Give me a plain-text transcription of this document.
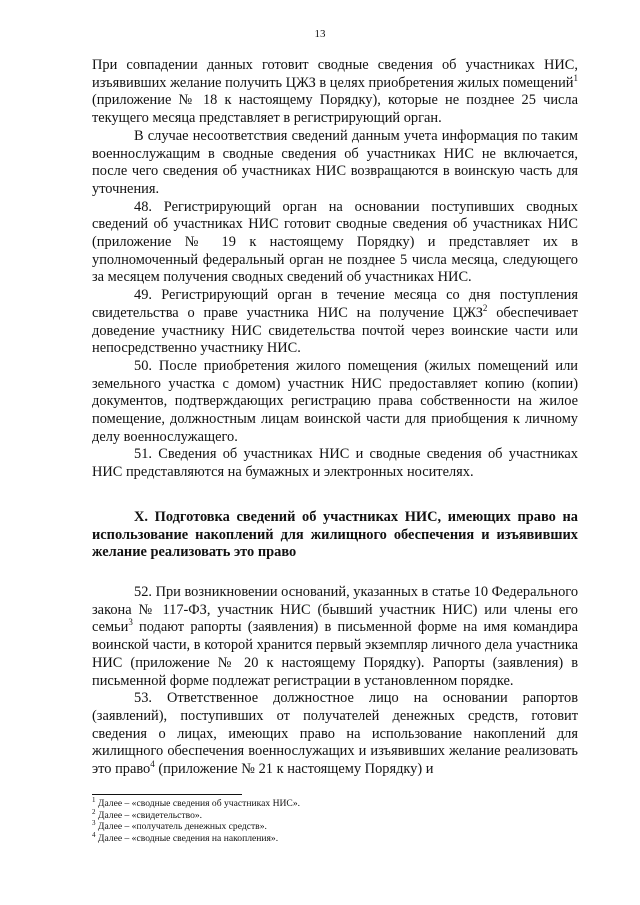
13

При совпадении данных готовит сводные сведения об участниках НИС, изъявивших желание получить ЦЖЗ в целях приобретения жилых помещений$^1$ (приложение № 18 к настоящему Порядку), которые не позднее 25 числа текущего месяца представляет в регистрирующий орган.

В случае несоответствия сведений данным учета информация по таким военнослужащим в сводные сведения об участниках НИС не включается, после чего сведения об участниках НИС возвращаются в воинскую часть для уточнения.

48. Регистрирующий орган на основании поступивших сводных сведений об участниках НИС готовит сводные сведения об участниках НИС (приложение № 19 к настоящему Порядку) и представляет их в уполномоченный федеральный орган не позднее 5 числа месяца, следующего за месяцем получения сводных сведений об участниках НИС.

49. Регистрирующий орган в течение месяца со дня поступления свидетельства о праве участника НИС на получение ЦЖЗ$^2$ обеспечивает доведение участнику НИС свидетельства почтой через воинские части или непосредственно участнику НИС.

50. После приобретения жилого помещения (жилых помещений или земельного участка с домом) участник НИС предоставляет копию (копии) документов, подтверждающих регистрацию права собственности на жилое помещение, должностным лицам воинской части для приобщения к личному делу военнослужащего.

51. Сведения об участниках НИС и сводные сведения об участниках НИС представляются на бумажных и электронных носителях.

X. Подготовка сведений об участниках НИС, имеющих право на использование накоплений для жилищного обеспечения и изъявивших желание реализовать это право

52. При возникновении оснований, указанных в статье 10 Федерального закона № 117-ФЗ, участник НИС (бывший участник НИС) или члены его семьи$^3$ подают рапорты (заявления) в письменной форме на имя командира воинской части, в которой хранится первый экземпляр личного дела участника НИС (приложение № 20 к настоящему Порядку). Рапорты (заявления) в письменной форме подлежат регистрации в установленном порядке.

53. Ответственное должностное лицо на основании рапортов (заявлений), поступивших от получателей денежных средств, готовит сведения о лицах, имеющих право на использование накоплений для жилищного обеспечения военнослужащих и изъявивших желание реализовать это право$^4$ (приложение № 21 к настоящему Порядку) и

$^1$ Далее – «сводные сведения об участниках НИС».
$^2$ Далее – «свидетельство».
$^3$ Далее – «получатель денежных средств».
$^4$ Далее – «сводные сведения на накопления».
